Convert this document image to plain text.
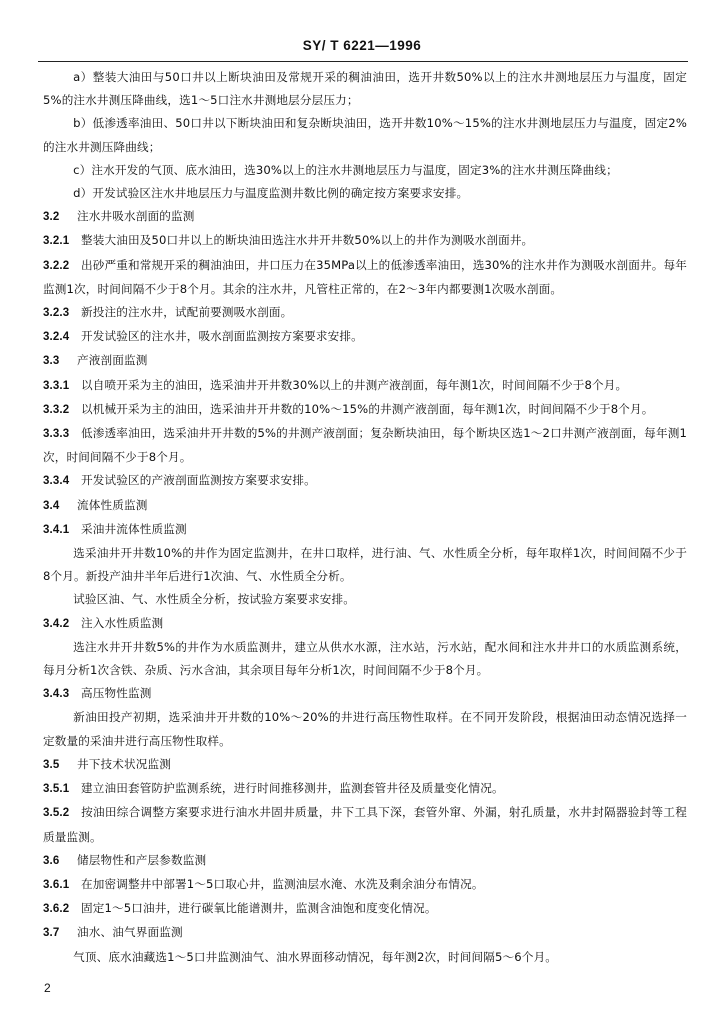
SY/ T 6221—1996

a）整装大油田与50口井以上断块油田及常规开采的稠油油田，选开井数50%以上的注水井测地层压力与温度，固定5%的注水井测压降曲线，选1～5口注水井测地层分层压力；

b）低渗透率油田、50口井以下断块油田和复杂断块油田，选开井数10%～15%的注水井测地层压力与温度，固定2%的注水井测压降曲线；

c）注水开发的气顶、底水油田，选30%以上的注水井测地层压力与温度，固定3%的注水井测压降曲线；

d）开发试验区注水井地层压力与温度监测井数比例的确定按方案要求安排。

3.2 注水井吸水剖面的监测

3.2.1 整装大油田及50口井以上的断块油田选注水井开井数50%以上的井作为测吸水剖面井。

3.2.2 出砂严重和常规开采的稠油油田，井口压力在35MPa以上的低渗透率油田，选30%的注水井作为测吸水剖面井。每年监测1次，时间间隔不少于8个月。其余的注水井，凡管柱正常的，在2～3年内都要测1次吸水剖面。

3.2.3 新投注的注水井，试配前要测吸水剖面。

3.2.4 开发试验区的注水井，吸水剖面监测按方案要求安排。

3.3 产液剖面监测

3.3.1 以自喷开采为主的油田，选采油井开井数30%以上的井测产液剖面，每年测1次，时间间隔不少于8个月。

3.3.2 以机械开采为主的油田，选采油井开井数的10%～15%的井测产液剖面，每年测1次，时间间隔不少于8个月。

3.3.3 低渗透率油田，选采油井开井数的5%的井测产液剖面；复杂断块油田，每个断块区选1～2口井测产液剖面，每年测1次，时间间隔不少于8个月。

3.3.4 开发试验区的产液剖面监测按方案要求安排。

3.4 流体性质监测

3.4.1 采油井流体性质监测

选采油井开井数10%的井作为固定监测井，在井口取样，进行油、气、水性质全分析，每年取样1次，时间间隔不少于8个月。新投产油井半年后进行1次油、气、水性质全分析。

试验区油、气、水性质全分析，按试验方案要求安排。

3.4.2 注入水性质监测

选注水井开井数5%的井作为水质监测井，建立从供水水源，注水站，污水站，配水间和注水井井口的水质监测系统，每月分析1次含铁、杂质、污水含油，其余项目每年分析1次，时间间隔不少于8个月。

3.4.3 高压物性监测

新油田投产初期，选采油井开井数的10%～20%的井进行高压物性取样。在不同开发阶段，根据油田动态情况选择一定数量的采油井进行高压物性取样。

3.5 井下技术状况监测

3.5.1 建立油田套管防护监测系统，进行时间推移测井，监测套管井径及质量变化情况。

3.5.2 按油田综合调整方案要求进行油水井固井质量，井下工具下深，套管外窜、外漏，射孔质量，水井封隔器验封等工程质量监测。

3.6 储层物性和产层参数监测

3.6.1 在加密调整井中部署1～5口取心井，监测油层水淹、水洗及剩余油分布情况。

3.6.2 固定1～5口油井，进行碳氧比能谱测井，监测含油饱和度变化情况。

3.7 油水、油气界面监测

气顶、底水油藏选1～5口井监测油气、油水界面移动情况，每年测2次，时间间隔5～6个月。

2
